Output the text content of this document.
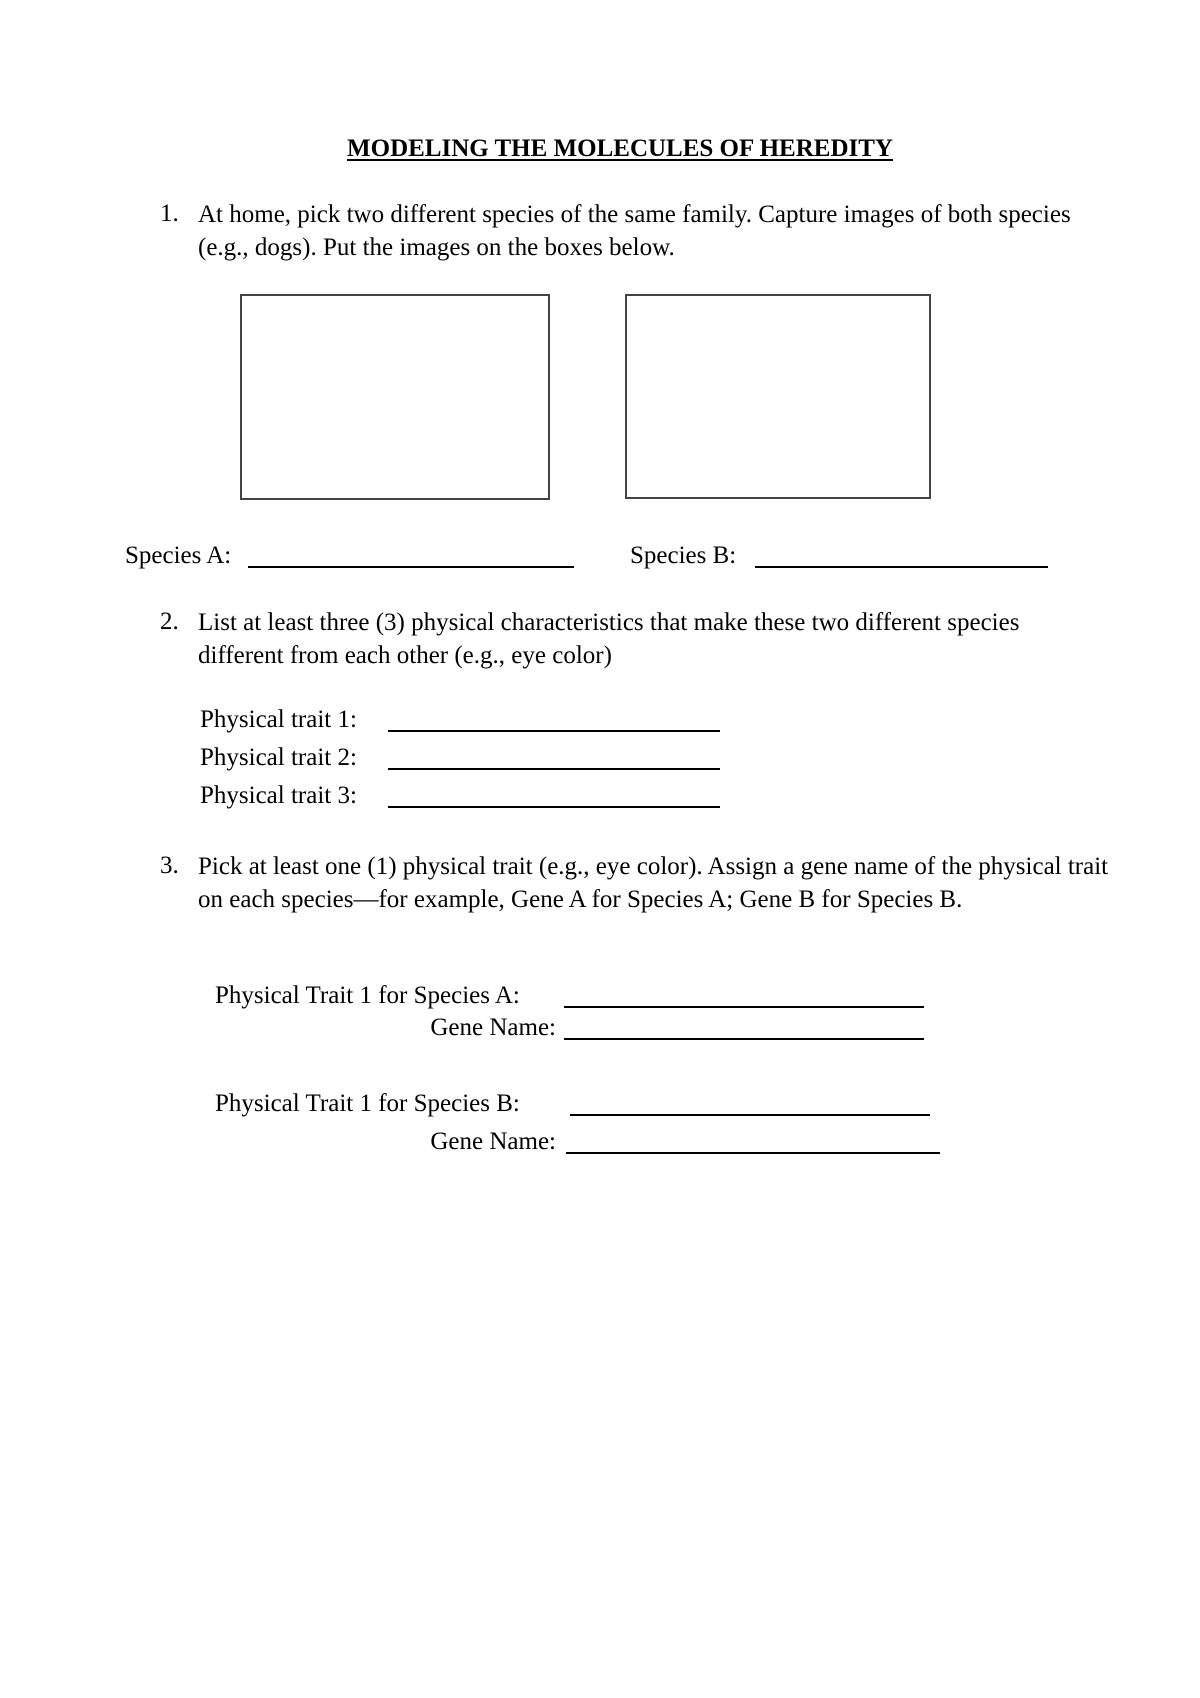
MODELING THE MOLECULES OF HEREDITY
1. At home, pick two different species of the same family. Capture images of both species (e.g., dogs). Put the images on the boxes below.
Species A:	Species B:
2. List at least three (3) physical characteristics that make these two different species different from each other (e.g., eye color)
Physical trait 1:
Physical trait 2:
Physical trait 3:
3. Pick at least one (1) physical trait (e.g., eye color). Assign a gene name of the physical trait on each species—for example, Gene A for Species A; Gene B for Species B.
Physical Trait 1 for Species A:
Gene Name:
Physical Trait 1 for Species B:
Gene Name:
